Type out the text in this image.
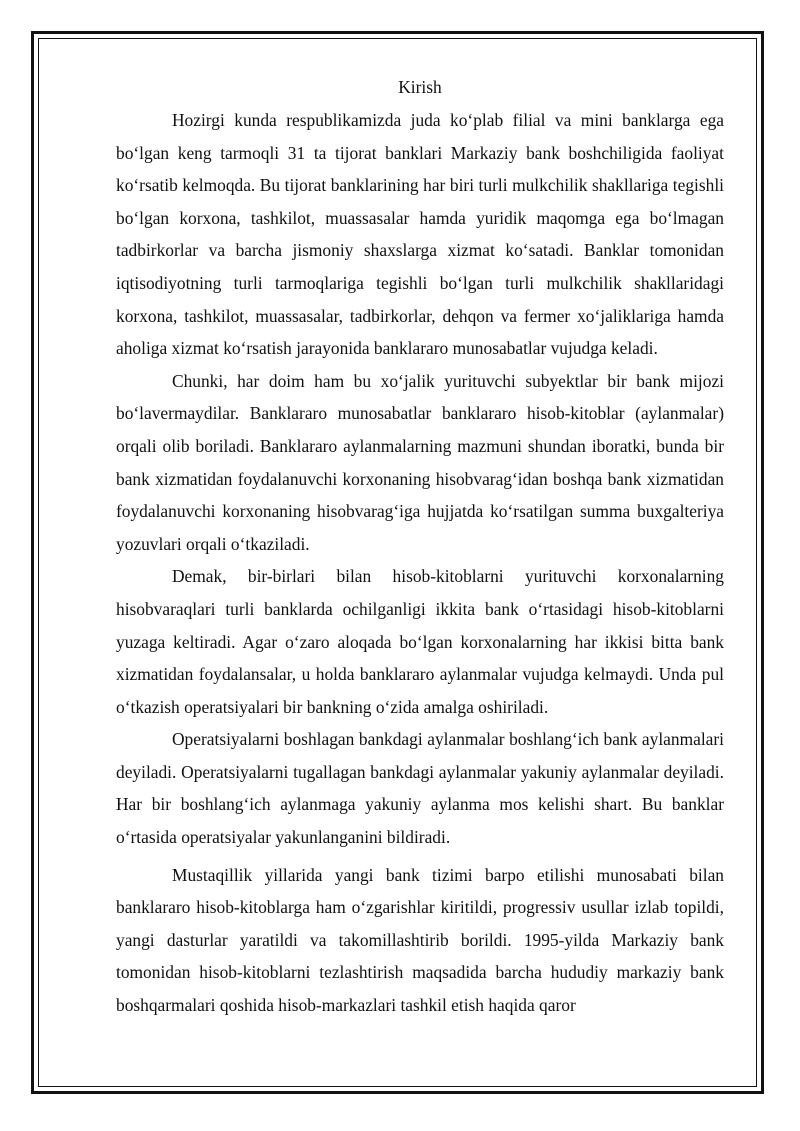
Kirish

Hozirgi kunda respublikamizda juda ko‘plab filial va mini banklarga ega bo‘lgan keng tarmoqli 31 ta tijorat banklari Markaziy bank boshchiligida faoliyat ko‘rsatib kelmoqda. Bu tijorat banklarining har biri turli mulkchilik shakllariga tegishli bo‘lgan korxona, tashkilot, muassasalar hamda yuridik maqomga ega bo‘lmagan tadbirkorlar va barcha jismoniy shaxslarga xizmat ko‘satadi. Banklar tomonidan iqtisodiyotning turli tarmoqlariga tegishli bo‘lgan turli mulkchilik shakllaridagi korxona, tashkilot, muassasalar, tadbirkorlar, dehqon va fermer xo‘jaliklariga hamda aholiga xizmat ko‘rsatish jarayonida banklararo munosabatlar vujudga keladi.

Chunki, har doim ham bu xo‘jalik yurituvchi subyektlar bir bank mijozi bo‘lavermaydilar. Banklararo munosabatlar banklararo hisob-kitoblar (aylanmalar) orqali olib boriladi. Banklararo aylanmalarning mazmuni shundan iboratki, bunda bir bank xizmatidan foydalanuvchi korxonaning hisobvarag‘idan boshqa bank xizmatidan foydalanuvchi korxonaning hisobvarag‘iga hujjatda ko‘rsatilgan summa buxgalteriya yozuvlari orqali o‘tkaziladi.

Demak, bir-birlari bilan hisob-kitoblarni yurituvchi korxonalarning hisobvaraqlari turli banklarda ochilganligi ikkita bank o‘rtasidagi hisob-kitoblarni yuzaga keltiradi. Agar o‘zaro aloqada bo‘lgan korxonalarning har ikkisi bitta bank xizmatidan foydalansalar, u holda banklararo aylanmalar vujudga kelmaydi. Unda pul o‘tkazish operatsiyalari bir bankning o‘zida amalga oshiriladi.

Operatsiyalarni boshlagan bankdagi aylanmalar boshlang‘ich bank aylanmalari deyiladi. Operatsiyalarni tugallagan bankdagi aylanmalar yakuniy aylanmalar deyiladi. Har bir boshlang‘ich aylanmaga yakuniy aylanma mos kelishi shart. Bu banklar o‘rtasida operatsiyalar yakunlanganini bildiradi.

Mustaqillik yillarida yangi bank tizimi barpo etilishi munosabati bilan banklararo hisob-kitoblarga ham o‘zgarishlar kiritildi, progressiv usullar izlab topildi, yangi dasturlar yaratildi va takomillashtirib borildi. 1995-yilda Markaziy bank tomonidan hisob-kitoblarni tezlashtirish maqsadida barcha hududiy markaziy bank boshqarmalari qoshida hisob-markazlari tashkil etish haqida qaror
